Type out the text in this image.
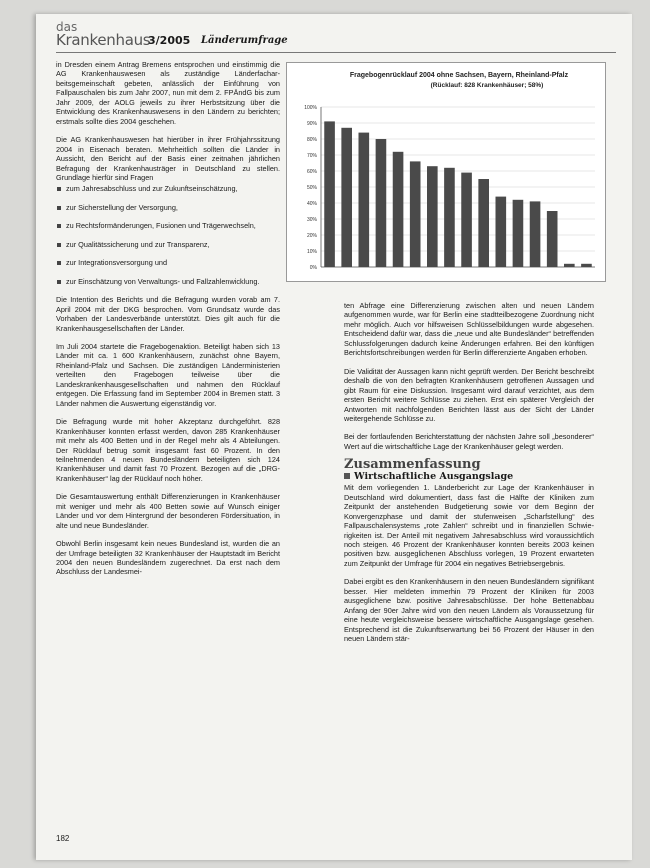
das
Krankenhaus
3/2005 Länderumfrage

in Dresden einem Antrag Bremens entsprochen und einstimmig die AG Krankenhauswesen als zuständige Länderfacharbeitsgemeinschaft gebeten, anlässlich der Einführung von Fallpauschalen bis zum Jahr 2007, nun mit dem 2. FPÄndG bis zum Jahr 2009, der AOLG jeweils zu ihrer Herbstsitzung über die Entwicklung des Krankenhauswesens in den Ländern zu berichten; erstmals sollte dies 2004 geschehen.

Die AG Krankenhauswesen hat hierüber in ihrer Frühjahrssitzung 2004 in Eisenach beraten. Mehrheitlich sollten die Länder in Aussicht, den Bericht auf der Basis einer zeitnahen jährlichen Befragung der Krankenhausträger in Deutschland zu stellen. Grundlage hierfür sind Fragen

zum Jahresabschluss und zur Zukunftseinschätzung,

zur Sicherstellung der Versorgung,

zu Rechtsformänderungen, Fusionen und Trägerwechseln,

zur Qualitätssicherung und zur Transparenz,

zur Integrationsversorgung und

zur Einschätzung von Verwaltungs- und Fallzahlenwicklung.

Die Intention des Berichts und die Befragung wurden vorab am 7. April 2004 mit der DKG besprochen. Vom Grundsatz wurde das Vorhaben der Landesverbände unterstützt. Dies gilt auch für die Krankenhausgesellschaften der Länder.

Im Juli 2004 startete die Fragebogenaktion. Beteiligt haben sich 13 Länder mit ca. 1 600 Krankenhäusern, zunächst ohne Bayern, Rheinland-Pfalz und Sachsen. Die zuständigen Länderministerien verteilten den Fragebogen teilweise über die Landeskrankenhausgesellschaften und nahmen den Rücklauf entgegen. Die Erfassung fand im September 2004 in Bremen statt. 3 Länder nahmen die Auswertung eigenständig vor.

Die Befragung wurde mit hoher Akzeptanz durchgeführt. 828 Krankenhäuser konnten erfasst werden, davon 285 Krankenhäuser mit mehr als 400 Betten und in der Regel mehr als 4 Abteilungen. Der Rücklauf betrug somit insgesamt fast 60 Prozent. In den teilnehmenden 4 neuen Bundesländern beteiligten sich 124 Krankenhäuser und damit fast 70 Prozent. Bezogen auf die „DRG-Krankenhäuser“ lag der Rücklauf noch höher.

Die Gesamtauswertung enthält Differenzierungen in Krankenhäuser mit weniger und mehr als 400 Betten sowie auf Wunsch einiger Länder und vor dem Hintergrund der besonderen Fördersituation, in alte und neue Bundesländer.

Obwohl Berlin insgesamt kein neues Bundesland ist, wurden die an der Umfrage beteiligten 32 Krankenhäuser der Hauptstadt im Bericht 2004 den neuen Bundesländern zugerechnet. Da erst nach dem Abschluss der Landesmei-

Fragebogenrücklauf 2004 ohne Sachsen, Bayern, Rheinland-Pfalz
(Rücklauf: 828 Krankenhäuser; 58%)
100%
90%
80%
70%
60%
50%
40%
30%
20%
10%
0%

ten Abfrage eine Differenzierung zwischen alten und neuen Ländern aufgenommen wurde, war für Berlin eine stadtteilbezogene Zuordnung nicht mehr möglich. Auch vor hilfsweisen Schlüsselbildungen wurde abgesehen. Entscheidend dafür war, dass die „neue und alte Bundesländer“ betreffenden Schlussfolgerungen dadurch keine Änderungen erfahren. Bei den künftigen Berichtsfortschreibungen werden für Berlin differenzierte Angaben erhoben.

Die Validität der Aussagen kann nicht geprüft werden. Der Bericht beschreibt deshalb die von den befragten Krankenhäusern getroffenen Aussagen und gibt Raum für eine Diskussion. Insgesamt wird darauf verzichtet, aus dem ersten Bericht weitere Schlüsse zu ziehen. Erst ein späterer Vergleich der Antworten mit nachfolgenden Berichten lässt aus der Sicht der Länder weitergehende Schlüsse zu.

Bei der fortlaufenden Berichterstattung der nächsten Jahre soll „besonderer“ Wert auf die wirtschaftliche Lage der Krankenhäuser gelegt werden.

Zusammenfassung

Wirtschaftliche Ausgangslage

Mit dem vorliegenden 1. Länderbericht zur Lage der Krankenhäuser in Deutschland wird dokumentiert, dass fast die Hälfte der Kliniken zum Zeitpunkt der anstehenden Budgetierung sowie vor dem Beginn der Konvergenzphase und damit der stufenweisen „Scharfstellung“ des Fallpauschalensystems „rote Zahlen“ schreibt und in finanziellen Schwierigkeiten ist. Der Anteil mit negativem Jahresabschluss wird voraussichtlich noch steigen. 46 Prozent der Krankenhäuser konnten bereits 2003 keinen positiven bzw. ausgeglichenen Abschluss vorlegen, 19 Prozent erwarteten zum Zeitpunkt der Umfrage für 2004 ein negatives Betriebsergebnis.

Dabei ergibt es den Krankenhäusern in den neuen Bundesländern signifikant besser. Hier meldeten immerhin 79 Prozent der Kliniken für 2003 ausgeglichene bzw. positive Jahresabschlüsse. Der hohe Bettenabbau Anfang der 90er Jahre wird von den neuen Ländern als Voraussetzung für eine heute vergleichsweise bessere wirtschaftliche Ausgangslage gesehen. Entsprechend ist die Zukunftserwartung bei 56 Prozent der Häuser in den neuen Ländern stär-

182
